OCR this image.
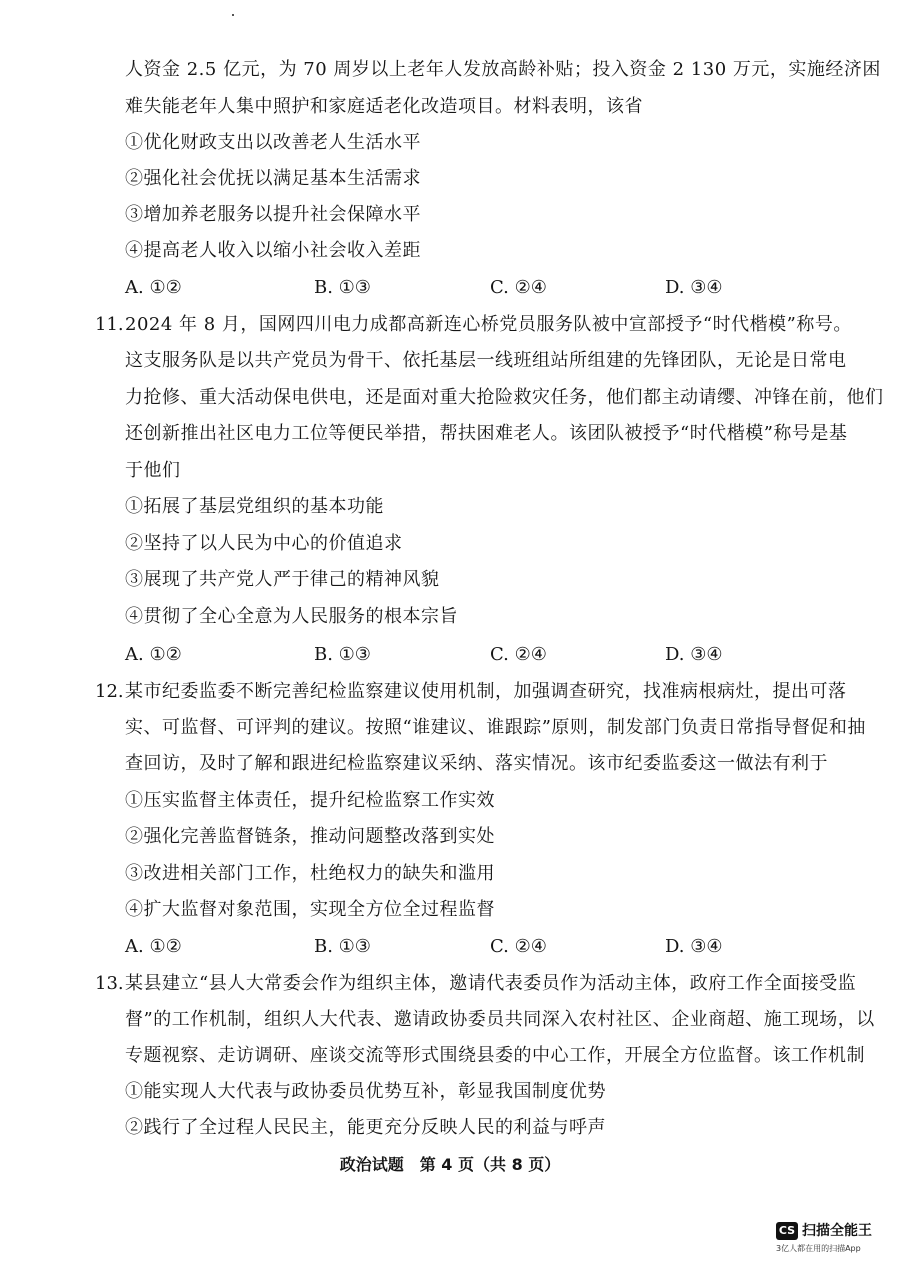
人资金 2.5 亿元，为 70 周岁以上老年人发放高龄补贴；投入资金 2 130 万元，实施经济困
难失能老年人集中照护和家庭适老化改造项目。材料表明，该省
①优化财政支出以改善老人生活水平
②强化社会优抚以满足基本生活需求
③增加养老服务以提升社会保障水平
④提高老人收入以缩小社会收入差距
A. ①②	B. ①③	C. ②④	D. ③④
11. 2024 年 8 月，国网四川电力成都高新连心桥党员服务队被中宣部授予“时代楷模”称号。
这支服务队是以共产党员为骨干、依托基层一线班组站所组建的先锋团队，无论是日常电
力抢修、重大活动保电供电，还是面对重大抢险救灾任务，他们都主动请缨、冲锋在前，他们
还创新推出社区电力工位等便民举措，帮扶困难老人。该团队被授予“时代楷模”称号是基
于他们
①拓展了基层党组织的基本功能
②坚持了以人民为中心的价值追求
③展现了共产党人严于律己的精神风貌
④贯彻了全心全意为人民服务的根本宗旨
A. ①②	B. ①③	C. ②④	D. ③④
12. 某市纪委监委不断完善纪检监察建议使用机制，加强调查研究，找准病根病灶，提出可落
实、可监督、可评判的建议。按照“谁建议、谁跟踪”原则，制发部门负责日常指导督促和抽
查回访，及时了解和跟进纪检监察建议采纳、落实情况。该市纪委监委这一做法有利于
①压实监督主体责任，提升纪检监察工作实效
②强化完善监督链条，推动问题整改落到实处
③改进相关部门工作，杜绝权力的缺失和滥用
④扩大监督对象范围，实现全方位全过程监督
A. ①②	B. ①③	C. ②④	D. ③④
13. 某县建立“县人大常委会作为组织主体，邀请代表委员作为活动主体，政府工作全面接受监
督”的工作机制，组织人大代表、邀请政协委员共同深入农村社区、企业商超、施工现场，以
专题视察、走访调研、座谈交流等形式围绕县委的中心工作，开展全方位监督。该工作机制
①能实现人大代表与政协委员优势互补，彰显我国制度优势
②践行了全过程人民民主，能更充分反映人民的利益与呼声
政治试题　第 4 页（共 8 页）
CS 扫描全能王
3亿人都在用的扫描App
